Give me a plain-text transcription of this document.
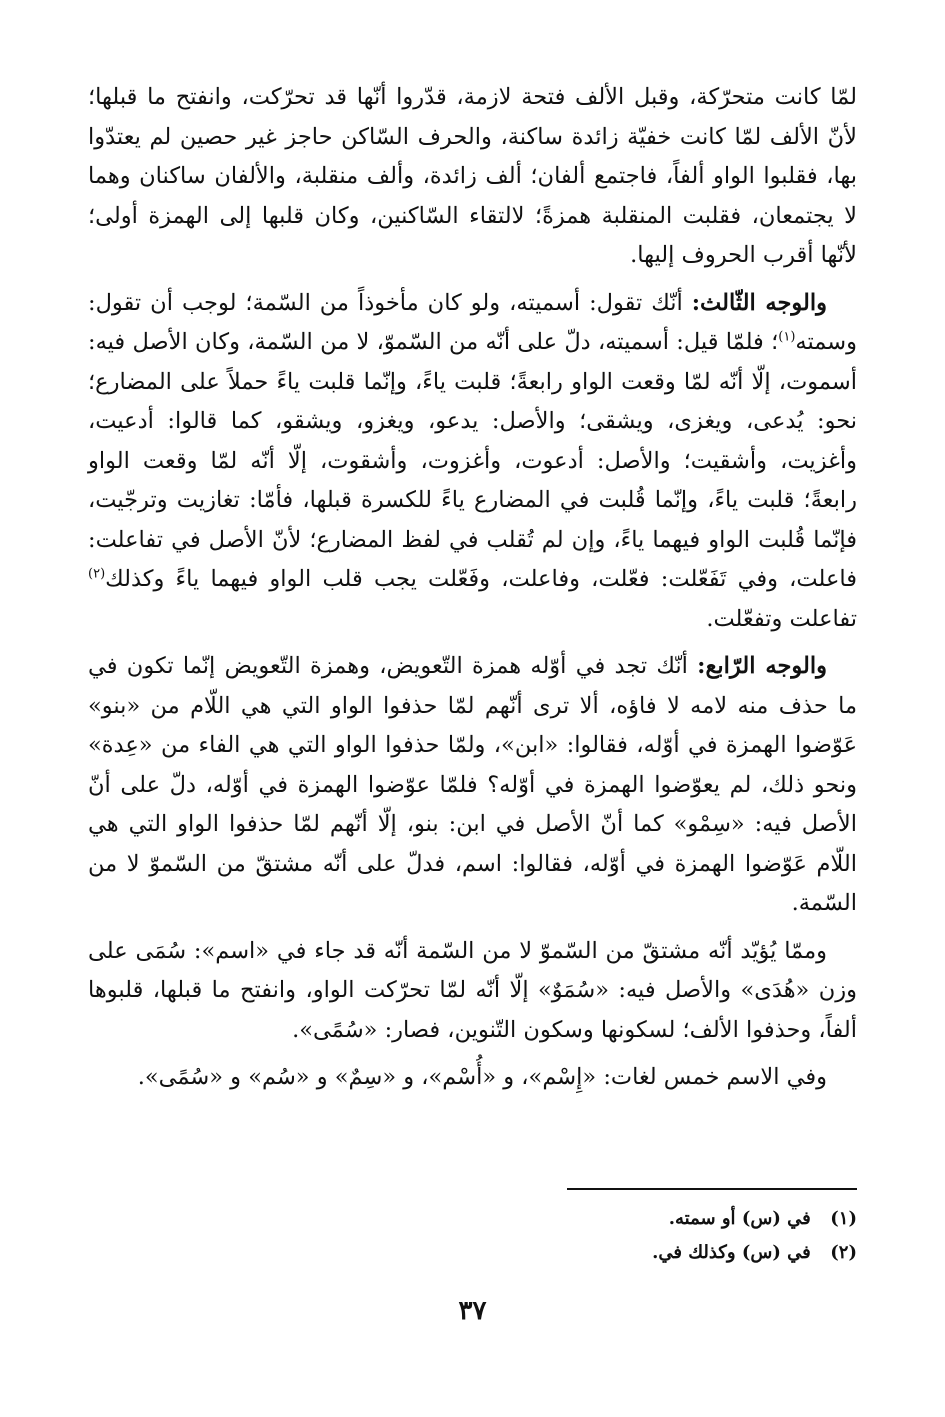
لمّا كانت متحرّكة، وقبل الألف فتحة لازمة، قدّروا أنّها قد تحرّكت، وانفتح ما قبلها؛ لأنّ الألف لمّا كانت خفيّة زائدة ساكنة، والحرف السّاكن حاجز غير حصين لم يعتدّوا بها، فقلبوا الواو ألفاً، فاجتمع ألفان؛ ألف زائدة، وألف منقلبة، والألفان ساكنان وهما لا يجتمعان، فقلبت المنقلبة همزةً؛ لالتقاء السّاكنين، وكان قلبها إلى الهمزة أولى؛ لأنّها أقرب الحروف إليها.

والوجه الثّالث: أنّك تقول: أسميته، ولو كان مأخوذاً من السّمة؛ لوجب أن تقول: وسمته$^{(١)}$؛ فلمّا قيل: أسميته، دلّ على أنّه من السّموّ، لا من السّمة، وكان الأصل فيه: أسموت، إلّا أنّه لمّا وقعت الواو رابعةً؛ قلبت ياءً، وإنّما قلبت ياءً حملاً على المضارع؛ نحو: يُدعى، ويغزى، ويشقى؛ والأصل: يدعو، ويغزو، ويشقو، كما قالوا: أدعيت، وأغزيت، وأشقيت؛ والأصل: أدعوت، وأغزوت، وأشقوت، إلّا أنّه لمّا وقعت الواو رابعةً؛ قلبت ياءً، وإنّما قُلبت في المضارع ياءً للكسرة قبلها، فأمّا: تغازيت وترجّيت، فإنّما قُلبت الواو فيهما ياءً، وإن لم تُقلب في لفظ المضارع؛ لأنّ الأصل في تفاعلت: فاعلت، وفي تَفَعّلت: فعّلت، وفاعلت، وفَعّلت يجب قلب الواو فيهما ياءً وكذلك$^{(٢)}$ تفاعلت وتفعّلت.

والوجه الرّابع: أنّك تجد في أوّله همزة التّعويض، وهمزة التّعويض إنّما تكون في ما حذف منه لامه لا فاؤه، ألا ترى أنّهم لمّا حذفوا الواو التي هي اللّام من «بنو» عَوّضوا الهمزة في أوّله، فقالوا: «ابن»، ولمّا حذفوا الواو التي هي الفاء من «عِدة» ونحو ذلك، لم يعوّضوا الهمزة في أوّله؟ فلمّا عوّضوا الهمزة في أوّله، دلّ على أنّ الأصل فيه: «سِمْو» كما أنّ الأصل في ابن: بنو، إلّا أنّهم لمّا حذفوا الواو التي هي اللّام عَوّضوا الهمزة في أوّله، فقالوا: اسم، فدلّ على أنّه مشتقّ من السّموّ لا من السّمة.

وممّا يُؤيّد أنّه مشتقّ من السّموّ لا من السّمة أنّه قد جاء في «اسم»: سُمَى على وزن «هُدَى» والأصل فيه: «سُمَوٌ» إلّا أنّه لمّا تحرّكت الواو، وانفتح ما قبلها، قلبوها ألفاً، وحذفوا الألف؛ لسكونها وسكون التّنوين، فصار: «سُمًى».

وفي الاسم خمس لغات: «إِسْم»، و «أُسْم»، و «سِمٌ» و «سُم» و «سُمًى».

(١) في (س) أو سمته.
(٢) في (س) وكذلك في.
٣٧
